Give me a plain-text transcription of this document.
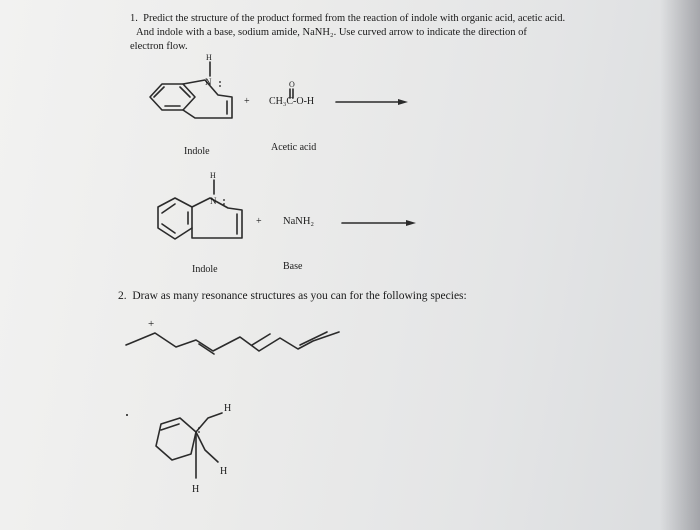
1. Predict the structure of the product formed from the reaction of indole with organic acid, acetic acid.
And indole with a base, sodium amide, NaNH₂. Use curved arrow to indicate the direction of
electron flow.
H
N	O
H
N
+
H
H
H
+ CH₃C-O-H
Indole	Acetic acid
+ NaNH₂
Indole	Base
2. Draw as many resonance structures as you can for the following species:
